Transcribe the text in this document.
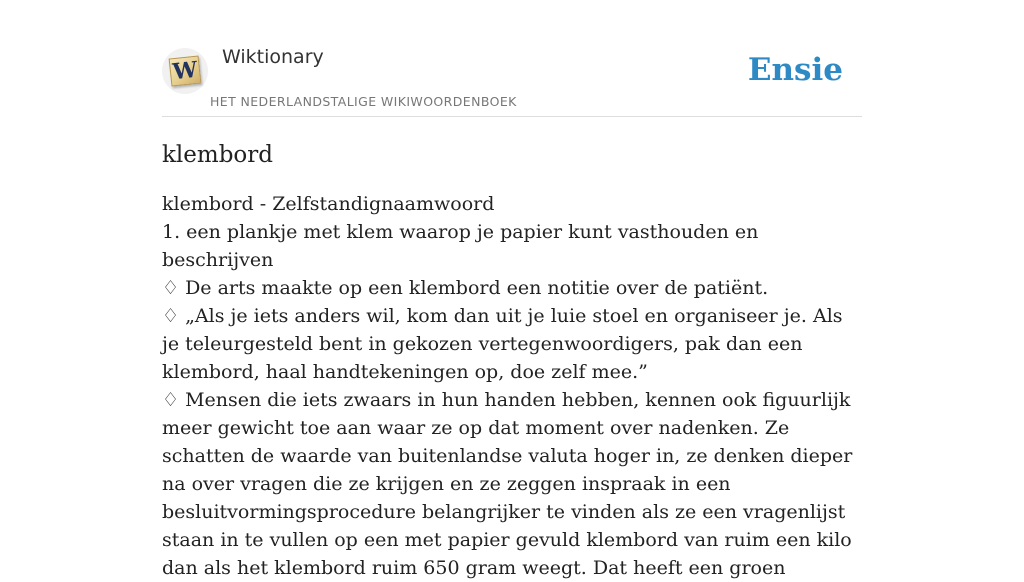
W Wiktionary
HET NEDERLANDSTALIGE WIKIWOORDENBOEK
Ensie
klembord
klembord - Zelfstandignaamwoord
1. een plankje met klem waarop je papier kunt vasthouden en beschrijven
♢ De arts maakte op een klembord een notitie over de patiënt.
♢ „Als je iets anders wil, kom dan uit je luie stoel en organiseer je. Als je teleurgesteld bent in gekozen vertegenwoordigers, pak dan een klembord, haal handtekeningen op, doe zelf mee.”
♢ Mensen die iets zwaars in hun handen hebben, kennen ook figuurlijk meer gewicht toe aan waar ze op dat moment over nadenken. Ze schatten de waarde van buitenlandse valuta hoger in, ze denken dieper na over vragen die ze krijgen en ze zeggen inspraak in een besluitvormingsprocedure belangrijker te vinden als ze een vragenlijst staan in te vullen op een met papier gevuld klembord van ruim een kilo dan als het klembord ruim 650 gram weegt. Dat heeft een groen
